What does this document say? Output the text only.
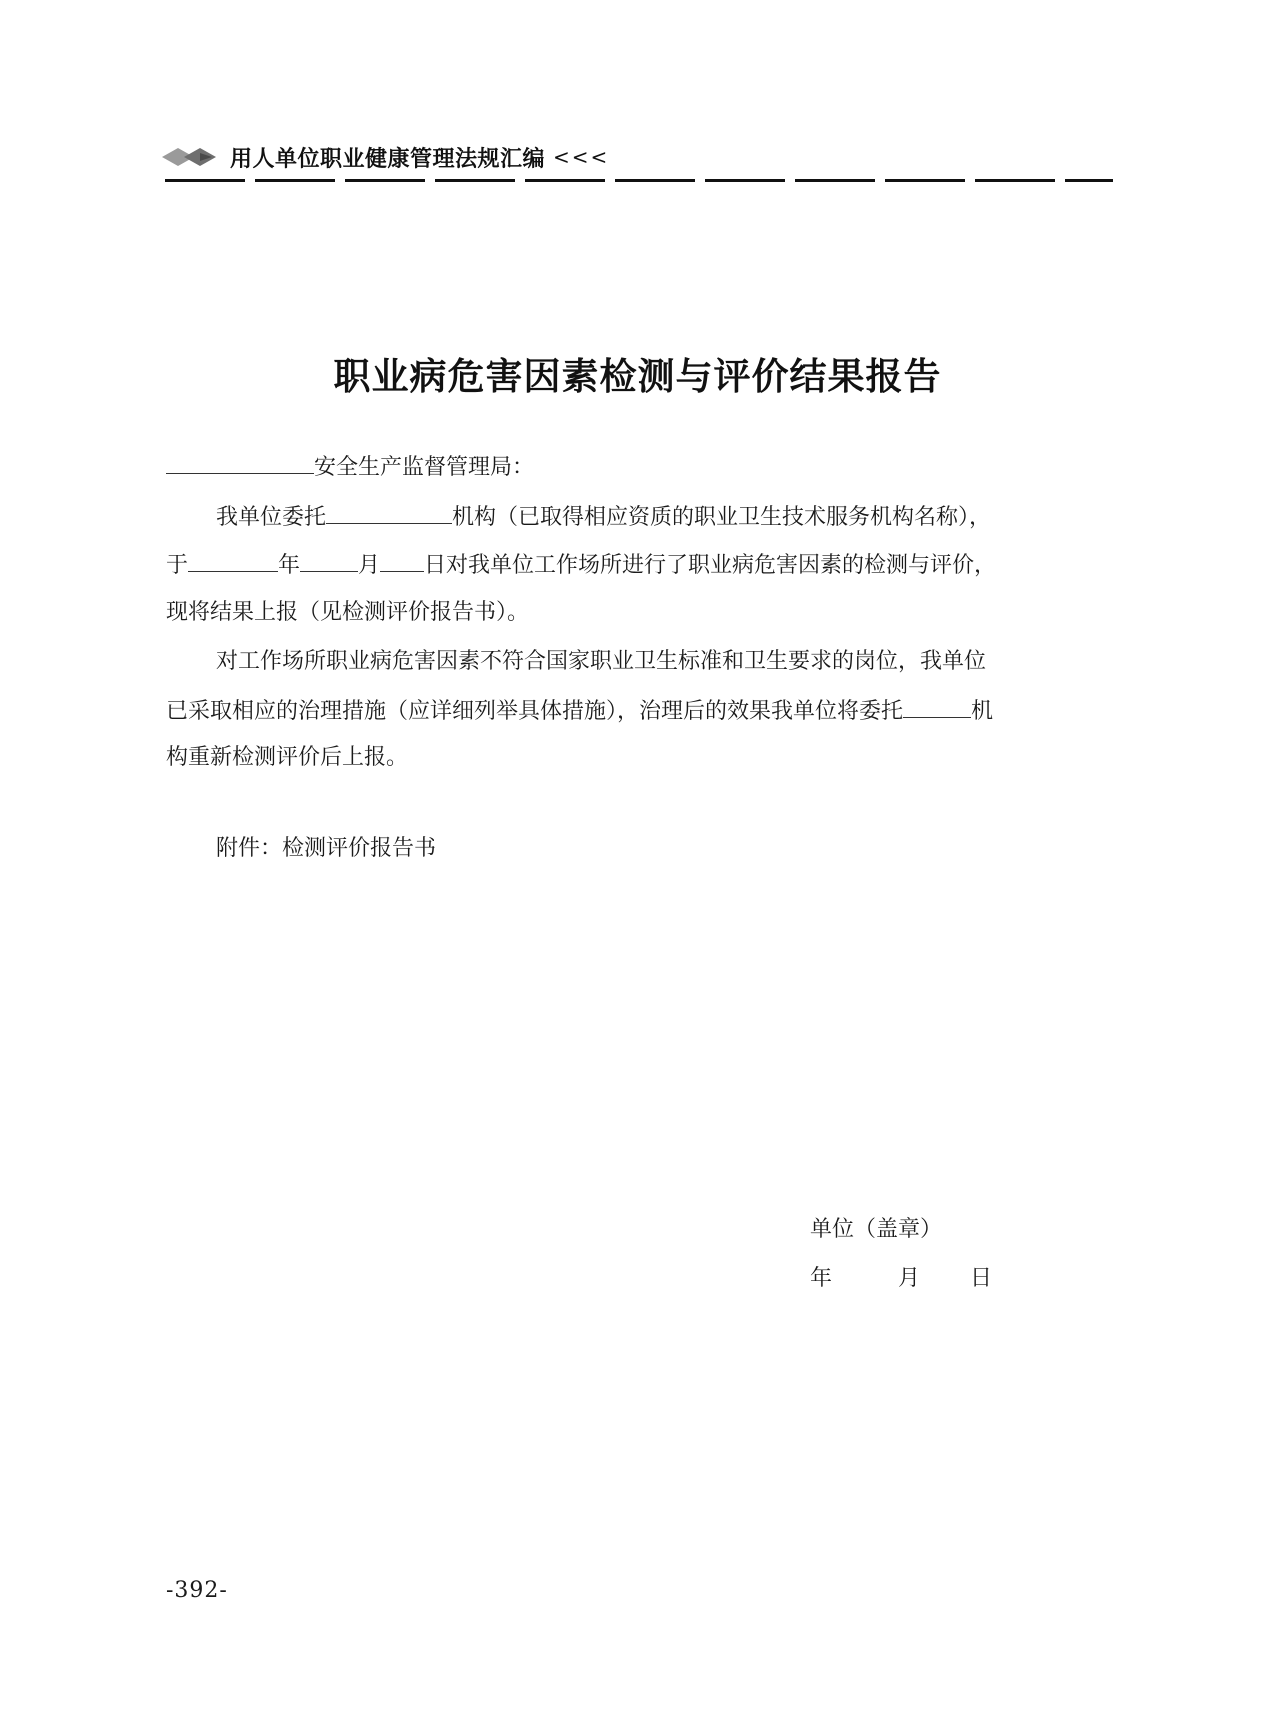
用人单位职业健康管理法规汇编 <<<
职业病危害因素检测与评价结果报告
安全生产监督管理局：
我单位委托	机构（已取得相应资质的职业卫生技术服务机构名称），
于	年	月 日对我单位工作场所进行了职业病危害因素的检测与评价，
现将结果上报（见检测评价报告书）。
对工作场所职业病危害因素不符合国家职业卫生标准和卫生要求的岗位，我单位
已采取相应的治理措施（应详细列举具体措施），治理后的效果我单位将委托	机
构重新检测评价后上报。
附件：检测评价报告书
单位（盖章）
年	月 日
-392-
